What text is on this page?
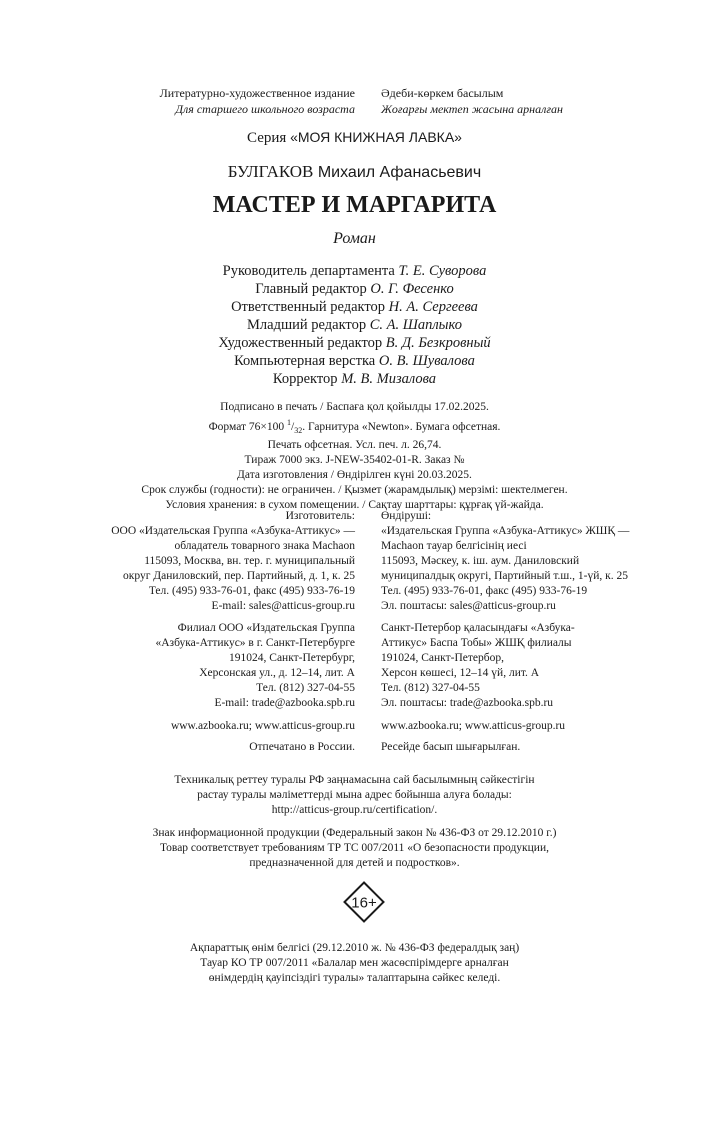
Литературно-художественное издание
Для старшего школьного возраста
Әдеби-көркем басылым
Жоғарғы мектеп жасына арналған
Серия «МОЯ КНИЖНАЯ ЛАВКА»
БУЛГАКОВ Михаил Афанасьевич
МАСТЕР И МАРГАРИТА
Роман
Руководитель департамента Т. Е. Суворова
Главный редактор О. Г. Фесенко
Ответственный редактор Н. А. Сергеева
Младший редактор С. А. Шаплыко
Художественный редактор В. Д. Безкровный
Компьютерная верстка О. В. Шувалова
Корректор М. В. Мизалова
Подписано в печать / Баспаға қол қойылды 17.02.2025.
Формат 76×100 $^1/_{32}$. Гарнитура «Newton». Бумага офсетная.
Печать офсетная. Усл. печ. л. 26,74.
Тираж 7000 экз. J-NEW-35402-01-R. Заказ №
Дата изготовления / Өндірілген күні 20.03.2025.
Срок службы (годности): не ограничен. / Қызмет (жарамдылық) мерзімі: шектелмеген.
Условия хранения: в сухом помещении. / Сақтау шарттары: құрғақ үй-жайда.
Изготовитель:
ООО «Издательская Группа «Азбука-Аттикус» —
обладатель товарного знака Machaon
115093, Москва, вн. тер. г. муниципальный
округ Даниловский, пер. Партийный, д. 1, к. 25
Тел. (495) 933-76-01, факс (495) 933-76-19
E-mail: sales@atticus-group.ru
Өндіруші:
«Издательская Группа «Азбука-Аттикус» ЖШҚ —
Machaon тауар белгісінің иесі
115093, Мәскеу, к. іш. аум. Даниловский
муниципалдық округі, Партийный т.ш., 1-үй, к. 25
Тел. (495) 933-76-01, факс (495) 933-76-19
Эл. поштасы: sales@atticus-group.ru
Филиал ООО «Издательская Группа
«Азбука-Аттикус» в г. Санкт-Петербурге
191024, Санкт-Петербург,
Херсонская ул., д. 12–14, лит. А
Тел. (812) 327-04-55
E-mail: trade@azbooka.spb.ru
Санкт-Петербор қаласындағы «Азбука-
Аттикус» Баспа Тобы» ЖШҚ филиалы
191024, Санкт-Петербор,
Херсон көшесі, 12–14 үй, лит. А
Тел. (812) 327-04-55
Эл. поштасы: trade@azbooka.spb.ru
www.azbooka.ru; www.atticus-group.ru www.azbooka.ru; www.atticus-group.ru
Отпечатано в России. Ресейде басып шығарылған.
Техникалық реттеу туралы РФ заңнамасына сай басылымның сәйкестігін
растау туралы мәліметтерді мына адрес бойынша алуға болады:
http://atticus-group.ru/certification/.
Знак информационной продукции (Федеральный закон № 436-ФЗ от 29.12.2010 г.)
Товар соответствует требованиям ТР ТС 007/2011 «О безопасности продукции,
предназначенной для детей и подростков».
16+
Ақпараттық өнім белгісі (29.12.2010 ж. № 436-ФЗ федералдық заң)
Тауар КО ТР 007/2011 «Балалар мен жасөспірімдерге арналған
өнімдердің қауіпсіздігі туралы» талаптарына сәйкес келеді.
